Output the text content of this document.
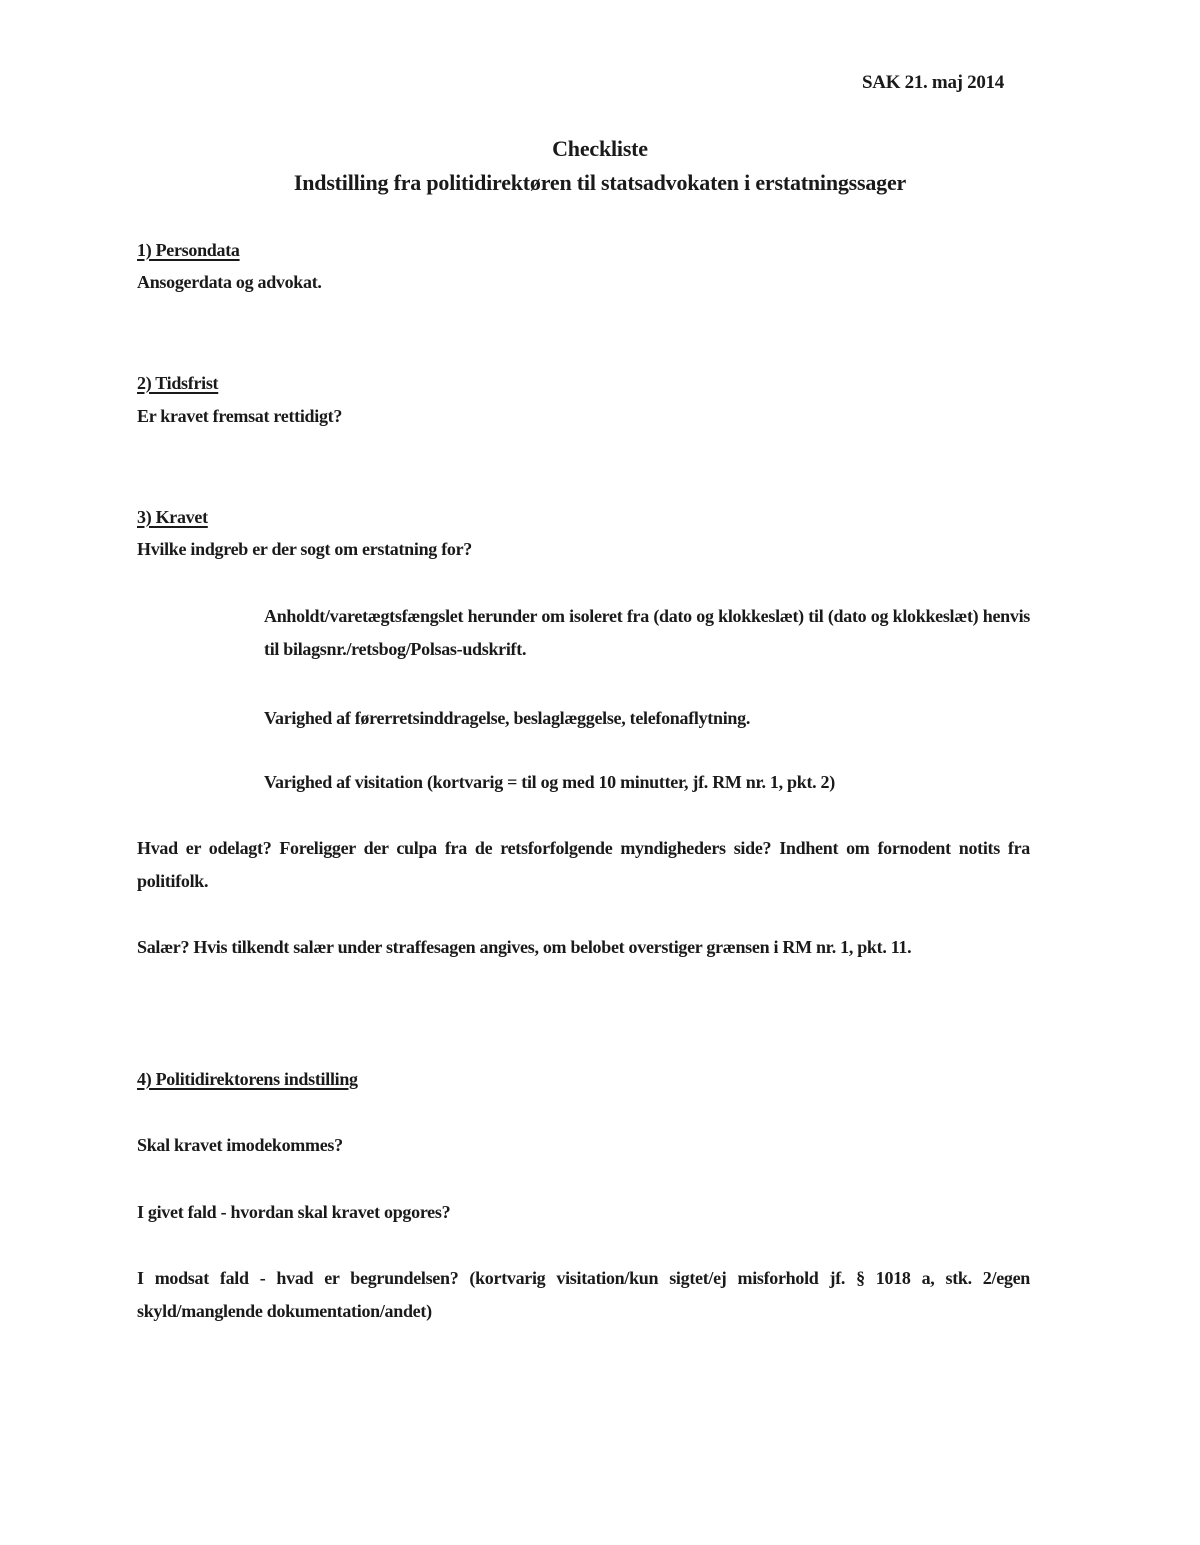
SAK 21. maj 2014
Checkliste
Indstilling fra politidirektøren til statsadvokaten i erstatningssager
1) Persondata
Ansogerdata og advokat.
2) Tidsfrist
Er kravet fremsat rettidigt?
3) Kravet
Hvilke indgreb er der sogt om erstatning for?
Anholdt/varetægtsfængslet herunder om isoleret fra (dato og klokkeslæt) til (dato og klokkeslæt) henvis til bilagsnr./retsbog/Polsas-udskrift.
Varighed af førerretsinddragelse, beslaglæggelse, telefonaflytning.
Varighed af visitation (kortvarig = til og med 10 minutter, jf. RM nr. 1, pkt. 2)
Hvad er odelagt? Foreligger der culpa fra de retsforfolgende myndigheders side? Indhent om fornodent notits fra politifolk.
Salær? Hvis tilkendt salær under straffesagen angives, om belobet overstiger grænsen i RM nr. 1, pkt. 11.
4) Politidirektorens indstilling
Skal kravet imodekommes?
I givet fald - hvordan skal kravet opgores?
I modsat fald - hvad er begrundelsen? (kortvarig visitation/kun sigtet/ej misforhold jf. § 1018 a, stk. 2/egen skyld/manglende dokumentation/andet)
